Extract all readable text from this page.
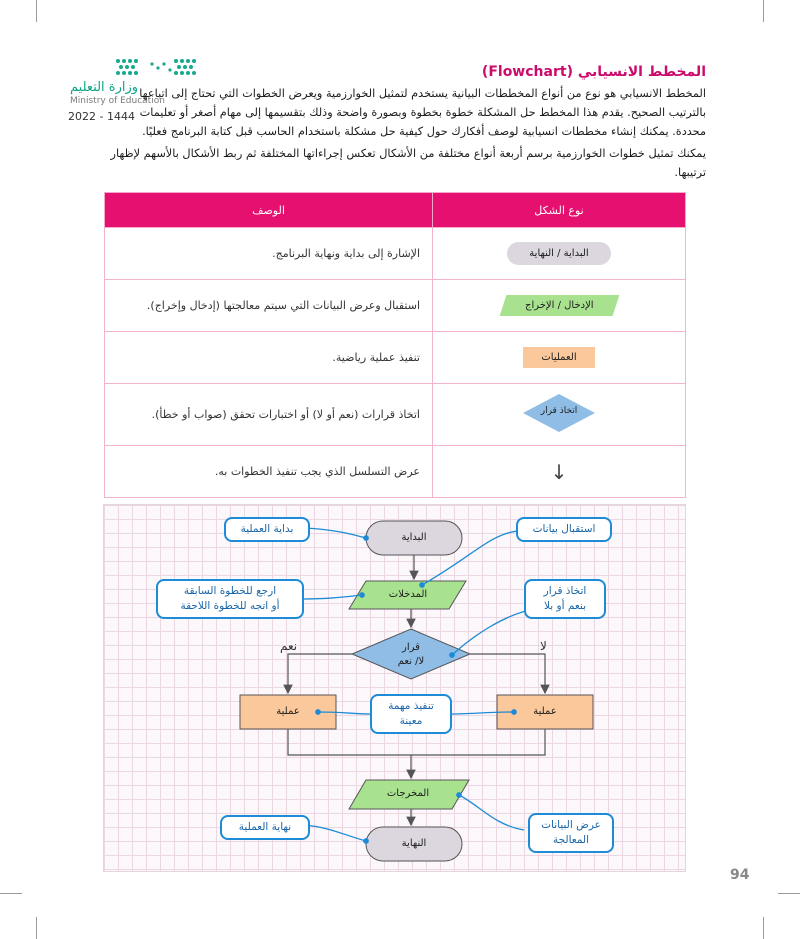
وزارة التعليم
Ministry of Education
2022 - 1444
المخطط الانسيابي (Flowchart)
المخطط الانسيابي هو نوع من أنواع المخططات البيانية يستخدم لتمثيل الخوارزمية ويعرض الخطوات التي تحتاج إلى اتباعها بالترتيب الصحيح. يقدم هذا المخطط حل المشكلة خطوة بخطوة وبصورة واضحة وذلك بتقسيمها إلى مهام أصغر أو تعليمات محددة. يمكنك إنشاء مخططات انسيابية لوصف أفكارك حول كيفية حل مشكلة باستخدام الحاسب قبل كتابة البرنامج فعليًا.
يمكنك تمثيل خطوات الخوارزمية برسم أربعة أنواع مختلفة من الأشكال تعكس إجراءاتها المختلفة ثم ربط الأشكال بالأسهم لإظهار ترتيبها.
نوع الشكل	الوصف
البداية / النهاية	الإشارة إلى بداية ونهاية البرنامج.
الإدخال / الإخراج	استقبال وعرض البيانات التي سيتم معالجتها (إدخال وإخراج).
العمليات	تنفيذ عملية رياضية.

اتخاذ قرار	اتخاذ قرارات (نعم أو لا) أو اختبارات تحقق (صواب أو خطأ).
↓	عرض التسلسل الذي يجب تنفيذ الخطوات به.
البداية
المدخلات
قرار
لا/ نعم
عملية	عملية
المخرجات
النهاية
نعم	لا
بداية العملية	استقبال بيانات
ارجع للخطوة السابقة
أو اتجه للخطوة اللاحقة
اتخاذ قرار
بنعم أو بلا
تنفيذ مهمة
معينة
نهاية العملية	عرض البيانات
المعالجة
94
